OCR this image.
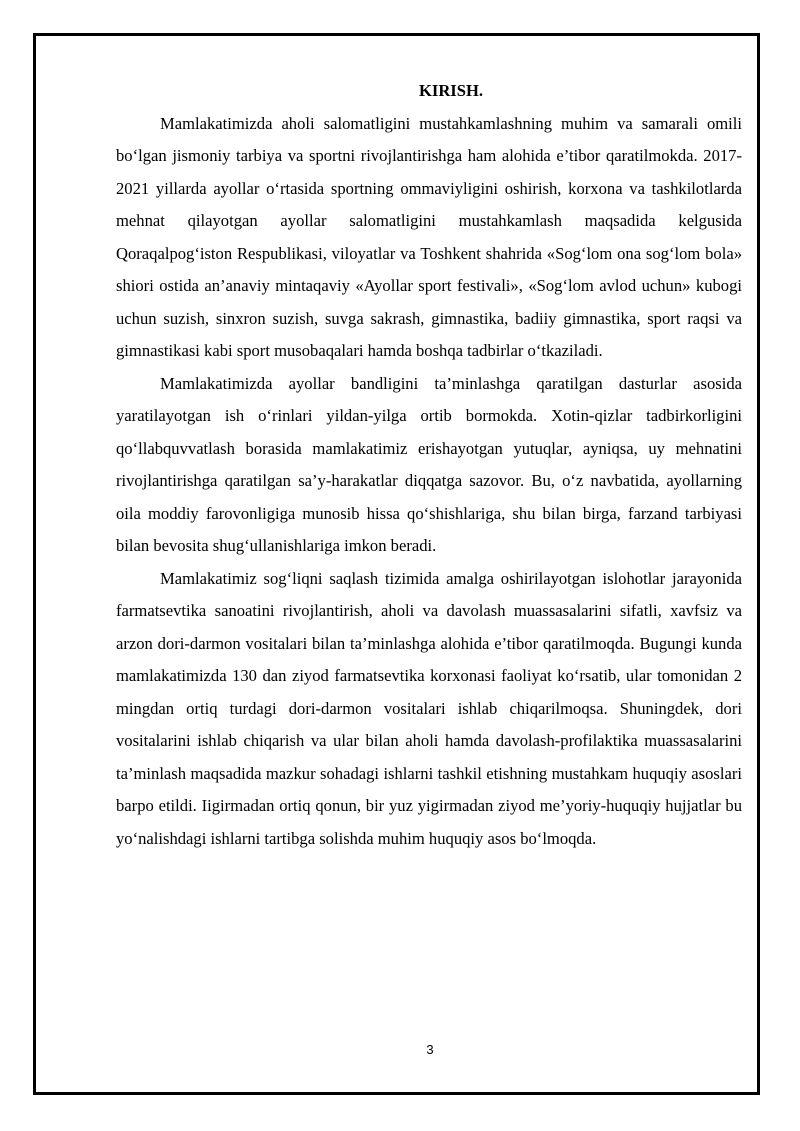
KIRISH.

Mamlakatimizda aholi salomatligini mustahkamlashning muhim va samarali omili bo‘lgan jismoniy tarbiya va sportni rivojlantirishga ham alohida e’tibor qaratilmokda. 2017-2021 yillarda ayollar o‘rtasida sportning ommaviyligini oshirish, korxona va tashkilotlarda mehnat qilayotgan ayollar salomatligini mustahkamlash maqsadida kelgusida Qoraqalpog‘iston Respublikasi, viloyatlar va Toshkent shahrida «Sog‘lom ona sog‘lom bola» shiori ostida an’anaviy mintaqaviy «Ayollar sport festivali», «Sog‘lom avlod uchun» kubogi uchun suzish, sinxron suzish, suvga sakrash, gimnastika, badiiy gimnastika, sport raqsi va gimnastikasi kabi sport musobaqalari hamda boshqa tadbirlar o‘tkaziladi.

Mamlakatimizda ayollar bandligini ta’minlashga qaratilgan dasturlar asosida yaratilayotgan ish o‘rinlari yildan-yilga ortib bormokda. Xotin-qizlar tadbirkorligini qo‘llabquvvatlash borasida mamlakatimiz erishayotgan yutuqlar, ayniqsa, uy mehnatini rivojlantirishga qaratilgan sa’y-harakatlar diqqatga sazovor. Bu, o‘z navbatida, ayollarning oila moddiy farovonligiga munosib hissa qo‘shishlariga, shu bilan birga, farzand tarbiyasi bilan bevosita shug‘ullanishlariga imkon beradi.

Mamlakatimiz sog‘liqni saqlash tizimida amalga oshirilayotgan islohotlar jarayonida farmatsevtika sanoatini rivojlantirish, aholi va davolash muassasalarini sifatli, xavfsiz va arzon dori-darmon vositalari bilan ta’minlashga alohida e’tibor qaratilmoqda. Bugungi kunda mamlakatimizda 130 dan ziyod farmatsevtika korxonasi faoliyat ko‘rsatib, ular tomonidan 2 mingdan ortiq turdagi dori-darmon vositalari ishlab chiqarilmoqsa. Shuningdek, dori vositalarini ishlab chiqarish va ular bilan aholi hamda davolash-profilaktika muassasalarini ta’minlash maqsadida mazkur sohadagi ishlarni tashkil etishning mustahkam huquqiy asoslari barpo etildi. Iigirmadan ortiq qonun, bir yuz yigirmadan ziyod me’yoriy-huquqiy hujjatlar bu yo‘nalishdagi ishlarni tartibga solishda muhim huquqiy asos bo‘lmoqda.

3
